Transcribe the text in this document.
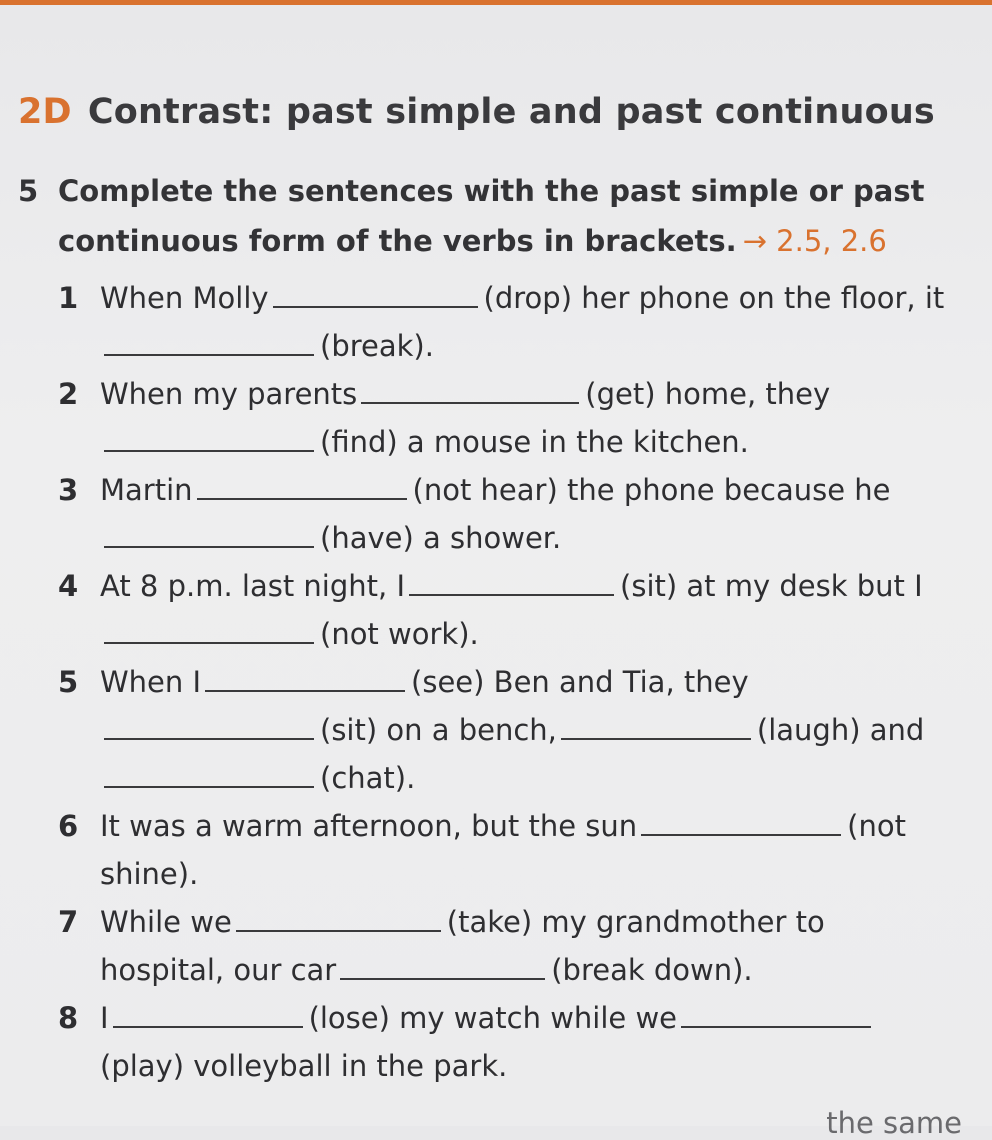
2D Contrast: past simple and past continuous
5 Complete the sentences with the past simple or past
continuous form of the verbs in brackets. → 2.5, 2.6
1 When Molly	(drop) her phone on the floor, it
(break).
2 When my parents	(get) home, they
(find) a mouse in the kitchen.
3 Martin	(not hear) the phone because he
(have) a shower.
4 At 8 p.m. last night, I	(sit) at my desk but I
(not work).
5 When I	(see) Ben and Tia, they
(sit) on a bench,	(laugh) and
(chat).
6 It was a warm afternoon, but the sun	(not
shine).
7 While we	(take) my grandmother to
hospital, our car	(break down).
8 I	(lose) my watch while we
(play) volleyball in the park.
the same
